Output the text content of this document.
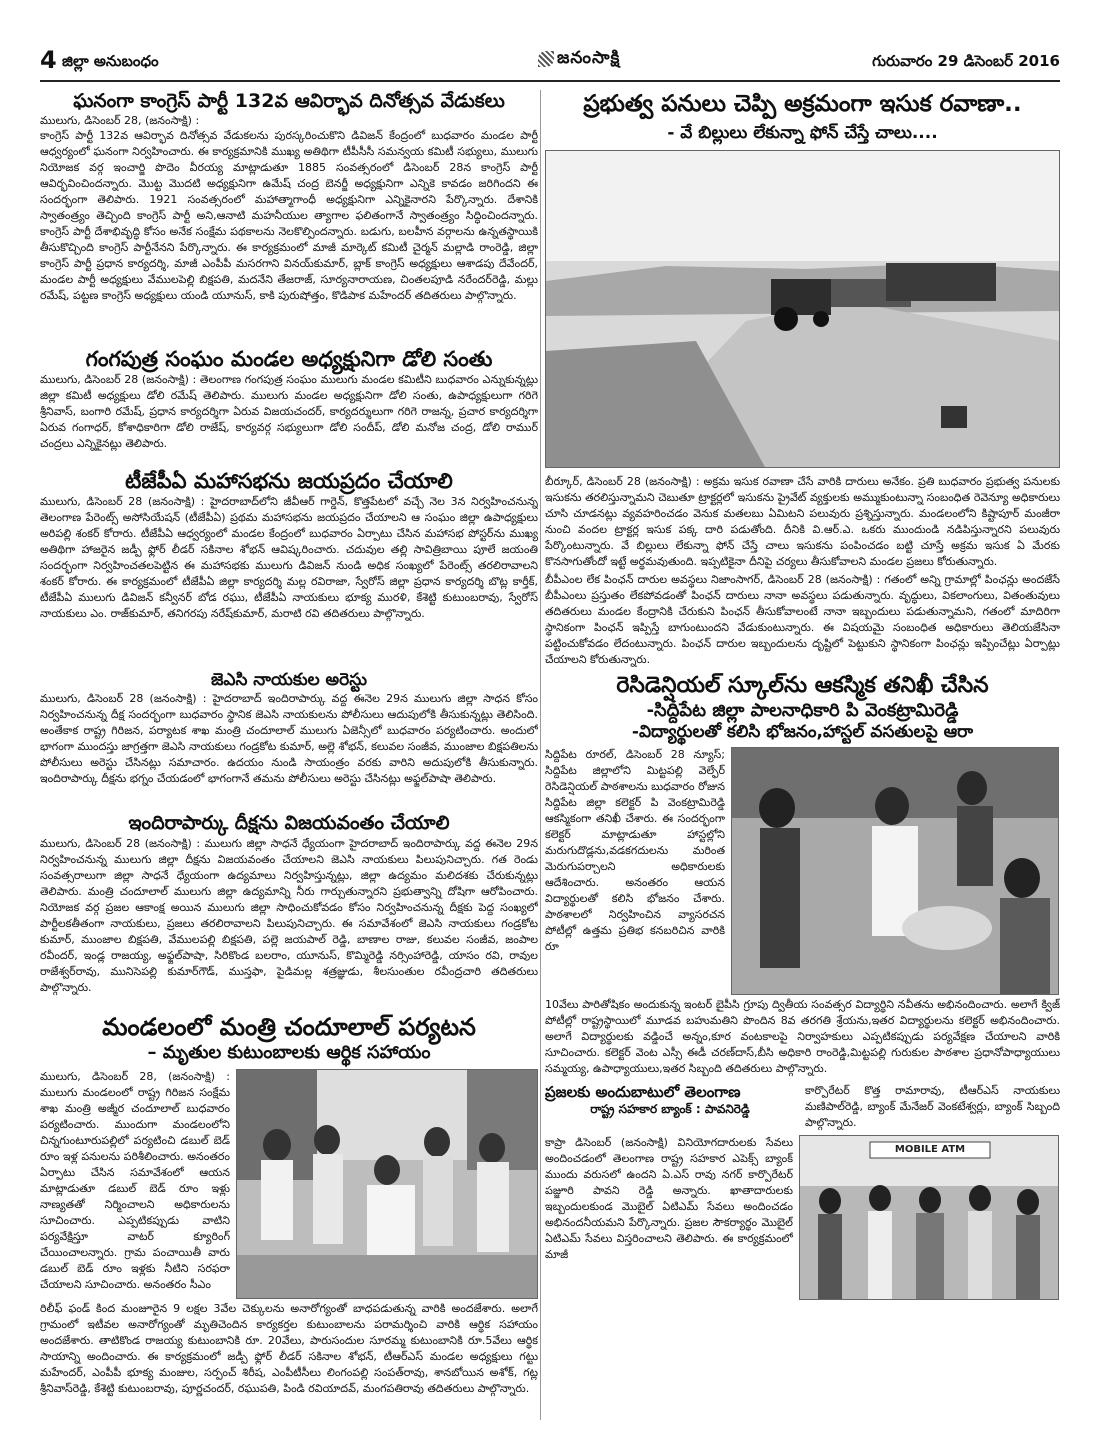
4 జిల్లా అనుబంధం	జనంసాక్షి	గురువారం 29 డిసెంబర్ 2016
ఘనంగా కాంగ్రెస్ పార్టీ 132వ ఆవిర్భావ దినోత్సవ వేడుకలు
ములుగు, డిసెంబర్ 28, (జనంసాక్షి) :
కాంగ్రెస్ పార్టీ 132వ ఆవిర్భావ దినోత్సవ వేడుకలను పురస్కరించుకొని డివిజన్ కేంద్రంలో బుధవారం మండల పార్టీ ఆధ్వర్యంలో ఘనంగా నిర్వహించారు. ఈ కార్యక్రమానికి ముఖ్య అతిథిగా టీపీసీసీ సమన్వయ కమిటీ సభ్యులు, ములుగు నియోజక వర్గ ఇంచార్జి పొదెం వీరయ్య మాట్లాడుతూ 1885 సంవత్సరంలో డిసెంబర్ 28న కాంగ్రెస్ పార్టీ ఆవిర్భవించిందన్నారు. మొట్ట మొదటి అధ్యక్షునిగా ఉమేష్ చంద్ర బెనర్జీ అధ్యక్షునిగా ఎన్నికె కావడం జరిగిందని ఈ సందర్భంగా తెలిపారు. 1921 సంవత్సరంలో మహాత్మాగాంధీ అధ్యక్షునిగా ఎన్నికైనారని పేర్కొన్నారు. దేశానికి స్వాతంత్ర్యం తెచ్చింది కాంగ్రెస్ పార్టీ అని,ఆనాటి మహనీయుల త్యాగాల ఫలితంగానే స్వాతంత్ర్యం సిద్ధించిందన్నారు. కాంగ్రెస్ పార్టీ దేశాభివృద్ధి కోసం అనేక సంక్షేమ పథకాలను నెలకొల్పిందన్నారు. బడుగు, బలహీన వర్గాలను ఉన్నతస్థాయికి తీసుకొచ్చింది కాంగ్రెస్ పార్టీనేనని పేర్కొన్నారు. ఈ కార్యక్రమంలో మాజీ మార్కెట్ కమిటీ చైర్మన్ మల్లాడి రాంరెడ్డి, జిల్లా కాంగ్రెస్ పార్టీ ప్రధాన కార్యదర్శి, మాజీ ఎంపీపీ మసరగాని వినయ్‌కుమార్, బ్లాక్ కాంగ్రెస్ అధ్యక్షులు ఆశాడపు దేవేందర్, మండల పార్టీ అధ్యక్షులు వేములపెల్లి బిక్షపతి, మదనేని తేజరాజ్, సూర్యనారాయణ, చింతలపూడి నరేందర్‌రెడ్డి, మల్లు రమేష్, పట్టణ కాంగ్రెస్ అధ్యక్షులు యండి యూనుస్, కాకి పురుషోత్తం, కొడిపాక మహేందర్ తదితరులు పాల్గొన్నారు.
గంగపుత్ర సంఘం మండల అధ్యక్షునిగా డోలి సంతు
ములుగు, డిసెంబర్ 28 (జనంసాక్షి) : తెలంగాణ గంగపుత్ర సంఘం ములుగు మండల కమిటీని బుధవారం ఎన్నుకున్నట్లు జిల్లా కమిటీ అధ్యక్షులు డోలి రమేష్ తెలిపారు. ములుగు మండల అధ్యక్షునిగా డోలి సంతు, ఉపాధ్యక్షులుగా గరిగె శ్రీనివాస్, బంగారి రమేష్, ప్రధాన కార్యదర్శిగా ఏరువ విజయచందర్, కార్యదర్శులుగా గరిగె రాజన్న, ప్రచార కార్యదర్శిగా ఏరువ గంగాధర్, కోశాధికారిగా డోలి రాజేష్, కార్యవర్గ సభ్యులుగా డోలి సందీప్, డోలి మనోజ చంద్ర, డోలి రాముర్ చంద్రలు ఎన్నికైనట్లు తెలిపారు.
టీజేపీఏ మహాసభను జయప్రదం చేయాలి
ములుగు, డిసెంబర్ 28 (జనంసాక్షి) : హైదరాబాద్‌లోని జీవీఆర్ గార్డెన్, కొత్తపేటలో వచ్చే నెల 3న నిర్వహించనున్న తెలంగాణ పేరెంట్స్ అసోసియేషన్ (టీజేపీఏ) ప్రథమ మహాసభను జయప్రదం చేయాలని ఆ సంఘం జిల్లా ఉపాధ్యక్షులు అరిపల్లి శంకర్ కోరారు. టీజేపీఏ ఆధ్వర్యంలో మండల కేంద్రంలో బుధవారం ఏర్పాటు చేసిన మహాసభ పోస్టర్‌ను ముఖ్య అతిథిగా హాజరైన జడ్పీ ఫ్లోర్ లీడర్ సకినాల శోభన్ ఆవిష్కరించారు. చదువుల తల్లి సావిత్రిబాయి పూలే జయంతి సందర్భంగా నిర్వహించతలపెట్టిన ఈ మహాసభకు ములుగు డివిజన్ నుండి అధిక సంఖ్యలో పేరెంట్స్ తరలిరావాలని శంకర్ కోరారు. ఈ కార్యక్రమంలో టీజేపీఏ జిల్లా కార్యదర్శి మల్ల రవిరాజా, స్వేరోస్ జిల్లా ప్రధాన కార్యదర్శి బొట్ల కార్తీక్, టీజేపీఏ ములుగు డివిజన్ కన్వీనర్ బోడ రఘు, టీజేపీఏ నాయకులు భూక్య మురళి, కేశెట్టి కుటుంబరావు, స్వేరోస్ నాయకులు ఎం. రాజ్‌కుమార్, తనిగరపు నరేష్‌కుమార్, మరాటి రవి తదితరులు పాల్గొన్నారు.
జెఎసి నాయకుల అరెస్టు
ములుగు, డిసెంబర్ 28 (జనంసాక్షి) : హైదరాబాద్ ఇందిరాపార్కు వద్ద ఈనెల 29న ములుగు జిల్లా సాధన కోసం నిర్వహించనున్న దీక్ష సందర్భంగా బుధవారం స్థానిక జెఎసి నాయకులను పోలీసులు ఆదుపులోకి తీసుకున్నట్లు తెలిసింది. అంతేకాక రాష్ట్ర గిరిజన, పర్యాటక శాఖ మంత్రి చందూలాల్ ములుగు ఏజెన్సీలో బుధవారం పర్యటించారు. అందులో భాగంగా ముందస్తు జాగ్రత్తగా జెఎసి నాయకులు గండ్రకోట కుమార్, అల్లె శోభన్, కలువల సంజీవ, ముంజాల బిక్షపతిలను పోలీసులు అరెస్టు చేసినట్లు సమాచారం. ఉదయం నుండి సాయంత్రం వరకు వారిని అదుపులోకి తీసుకున్నారు. ఇందిరాపార్కు దీక్షను భగ్నం చేయడంలో భాగంగానే తమను పోలీసులు అరెస్టు చేసినట్లు అఫ్జల్‌పాషా తెలిపారు.
ఇందిరాపార్కు దీక్షను విజయవంతం చేయాలి
ములుగు, డిసెంబర్ 28 (జనంసాక్షి) : ములుగు జిల్లా సాధనే ధ్యేయంగా హైదరాబాద్ ఇందిరాపార్కు వద్ద ఈనెల 29న నిర్వహించనున్న ములుగు జిల్లా దీక్షను విజయవంతం చేయాలని జెఎసి నాయకులు పిలుపునిచ్చారు. గత రెండు సంవత్సరాలుగా జిల్లా సాధనే ధ్యేయంగా ఉద్యమాలు నిర్వహిస్తున్నట్లు, జిల్లా ఉద్యమం మలిదశకు చేరుకున్నట్లు తెలిపారు. మంత్రి చందూలాల్ ములుగు జిల్లా ఉద్యమాన్ని నీరు గార్చుతున్నారని ప్రభుత్వాన్ని దోషిగా ఆరోపించారు. నియోజక వర్గ ప్రజల ఆకాంక్ష అయిన ములుగు జిల్లా సాధించుకోవడం కోసం నిర్వహించనున్న దీక్షకు పెద్ద సంఖ్యలో పార్టీలకతీతంగా నాయకులు, ప్రజలు తరలిరావాలని పిలుపునిచ్చారు. ఈ సమావేశంలో జెఎసి నాయకులు గండ్రకోట కుమార్, ముంజాల బిక్షపతి, వేములపల్లి బిక్షపతి, పల్లె జయపాల్ రెడ్డి, బాణాల రాజు, కలువల సంజీవ, జంపాల రవీందర్, ఇండ్ల రాజయ్య, అఫ్జల్‌పాషా, సిరికొండ బలరాం, యూనుస్, కొమ్మిరెడ్డి నర్సింహారెడ్డి, యాసం రవి, రావుల రాజేశ్వర్‌రావు, మునిసెపల్లి కుమార్‌గౌడ్, ముస్తఫా, పైడిమల్ల శత్రజ్ఞుడు, శీలసుంతుల రవీంద్రచారి తదితరులు పాల్గొన్నారు.
మండలంలో మంత్రి చందూలాల్ పర్యటన
– మృతుల కుటుంబాలకు ఆర్థిక సహాయం
ములుగు, డిసెంబర్ 28, (జనంసాక్షి) : ములుగు మండలంలో రాష్ట్ర గిరిజన సంక్షేమ శాఖ మంత్రి అజ్మీర చందూలాల్ బుధవారం పర్యటించారు. ముందుగా మండలంలోని చిన్నగుంటూరుపల్లిలో పర్యటించి డబుల్ బెడ్ రూం ఇళ్ల పనులను పరిశీలించారు. అనంతరం ఏర్పాటు చేసిన సమావేశంలో ఆయన మాట్లాడుతూ డబుల్ బెడ్ రూం ఇళ్లు నాణ్యతతో నిర్మించాలని అధికారులను సూచించారు. ఎప్పటికప్పుడు వాటిని పర్యవేక్షిస్తూ వాటర్ క్యూరింగ్ చేయించాలన్నారు. గ్రామ పంచాయితీ వారు డబుల్ బెడ్ రూం ఇళ్లకు నీటిని సరఫరా చేయాలని సూచించారు. అనంతరం సీఎం
రిలీఫ్ ఫండ్ కింద మంజూరైన 9 లక్షల 3వేల చెక్కులను అనారోగ్యంతో బాధపడుతున్న వారికి అందజేశారు. అలాగే గ్రామంలో ఇటీవల అనారోగ్యంతో మృతిచెందిన కార్యకర్తల కుటుంబాలను పరామర్శించి వారికి ఆర్థిక సహాయం అందజేశారు. తాటికొండ రాజయ్య కుటుంబానికి రూ. 20వేలు, పారుసందుల సూరమ్మ కుటుంబానికి రూ.5వేలు ఆర్థిక సాయాన్ని అందించారు. ఈ కార్యక్రమంలో జడ్పీ ఫ్లోర్ లీడర్ సకినాల శోభన్, టీఆర్ఎస్ మండల అధ్యక్షులు గట్టు మహేందర్, ఎంపీపీ భూక్య మంజుల, సర్పంచ్ శిరీష, ఎంపీటీసీలు లింగంపల్లి సంపత్‌రావు, శానబోయిన అశోక్, గట్ల శ్రీనివాస్‌రెడ్డి, కేశెట్టి కుటుంబరావు, పూర్ణచందర్, రఘుపతి, పిండి రవియాదవ్, మంగపతిరావు తదితరులు పాల్గొన్నారు.
ప్రభుత్వ పనులు చెప్పి అక్రమంగా ఇసుక రవాణా..
- వే బిల్లులు లేకున్నా ఫోన్ చేస్తే చాలు....
బీర్కూర్, డిసెంబర్ 28 (జనంసాక్షి) : అక్రమ ఇసుక రవాణా చేసే వారికి దారులు అనేకం. ప్రతి బుధవారం ప్రభుత్వ పనులకు ఇసుకను తరలిస్తున్నామని చెబుతూ ట్రాక్టర్లలో ఇసుకను ప్రైవేట్ వ్యక్తులకు అమ్ముకుంటున్నా సంబంధిత రెవెన్యూ అధికారులు చూసి చూడనట్లు వ్యవహరించడం వెనుక మతలబు ఏమిటని పలువురు ప్రశ్నిస్తున్నారు. మండలంలోని కిష్టాపూర్ మంజీరా నుంచి వందల ట్రాక్టర్ల ఇసుక పక్క దారి పడుతోంది. దీనికి వి.ఆర్.ఎ. ఒకరు ముందుండి నడిపిస్తున్నారని పలువురు పేర్కొంటున్నారు. వే బిల్లులు లేకున్నా ఫోన్ చేస్తే చాలు ఇసుకను పంపించడం బట్టి చూస్తే అక్రమ ఇసుక ఏ మేరకు కొనసాగుతోందో ఇట్టే అర్థమవుతుంది. ఇప్పటికైనా దీనిపై చర్యలు తీసుకోవాలని మండల ప్రజలు కోరుతున్నారు.
బీపీఎంల లేక పింఛన్ దారుల అవస్థలు నిజాంసాగర్, డిసెంబర్ 28 (జనంసాక్షి) : గతంలో అన్ని గ్రామాల్లో పింఛన్లు అందజేసే బీపీఎంలు ప్రస్తుతం లేకపోవడంతో పింఛన్ దారులు నానా అవస్థలు పడుతున్నారు. వృద్ధులు, వికలాంగులు, వితంతువులు తదితరులు మండల కేంద్రానికి చేరుకుని పింఛన్ తీసుకోవాలంటే నానా ఇబ్బందులు పడుతున్నామని, గతంలో మాదిరిగా స్థానికంగా పింఛన్ ఇప్పిస్తే బాగుంటుందని వేడుకుంటున్నారు. ఈ విషయమై సంబంధిత అధికారులు తెలియజేసినా పట్టించుకోవడం లేదంటున్నారు. పింఛన్ దారుల ఇబ్బందులను దృష్టిలో పెట్టుకుని స్థానికంగా పింఛన్లు ఇప్పించేట్లు ఏర్పాట్లు చేయాలని కోరుతున్నారు.
రెసిడెన్షియల్ స్కూల్‌ను ఆకస్మిక తనిఖీ చేసిన
-సిద్దిపేట జిల్లా పాలనాధికారి పి వెంకట్రామిరెడ్డి
-విద్యార్థులతో కలిసి భోజనం,హాస్టల్ వసతులపై ఆరా
సిద్దిపేట రూరల్, డిసెంబర్ 28 న్యూస్; సిద్దిపేట జిల్లాలోని మిట్టపల్లి వెల్ఫేర్ రెసిడెన్షియల్ పాఠశాలను బుధవారం రోజున సిద్దిపేట జిల్లా కలెక్టర్ పి వెంకట్రామిరెడ్డి ఆకస్మికంగా తనిఖీ చేశారు. ఈ సందర్భంగా కలెక్టర్ మాట్లాడుతూ హాస్టల్లోని మరుగుదొడ్లను,వడకగదులను మరింత మెరుగుపర్చాలని అధికారులకు ఆదేశించారు. అనంతరం ఆయన విద్యార్థులతో కలిసి భోజనం చేశారు. పాఠశాలలో నిర్వహించిన వ్యాసరచన పోటీల్లో ఉత్తమ ప్రతిభ కనబరిచిన వారికి రూ
10వేలు పారితోషికం అందుకున్న ఇంటర్ బైపీసి గ్రూపు ద్వితీయ సంవత్సర విద్యార్థిని నవీతను అభినందించారు. అలాగే క్విజ్ పోటీల్లో రాష్ట్రస్థాయిలో మూడవ బహుమతిని పొందిన 8వ తరగతి శ్రేయను,ఇతర విద్యార్థులను కలెక్టర్ అభినందించారు. అలాగే విద్యార్థులకు వడ్డించే అన్నం,కూర వంటకాలపై నిర్వాహకులు ఎప్పటికప్పుడు పర్యవేక్షణ చేయాలని వారికి సూచించారు. కలెక్టర్ వెంట ఎస్సీ ఈడీ చరణ్‌దాస్,బీసి అధికారి రాంరెడ్డి,మిట్టపల్లి గురుకుల పాఠశాల ప్రధానోపాధ్యాయులు సమ్మయ్య, ఉపాధ్యాయులు,ఇతర సిబ్బంది తదితరులు పాల్గొన్నారు.
ప్రజలకు అందుబాటులో తెలంగాణ
రాష్ట్ర సహకార బ్యాంక్ : పావనిరెడ్డి
కార్పొరేటర్ కొత్త రామారావు, టీఆర్ఎస్ నాయకులు మణిపాల్‌రెడ్డి, బ్యాంక్ మేనేజర్ వెంకటేశ్వర్లు, బ్యాంక్ సిబ్బంది పాల్గొన్నారు.
కాప్రా డిసెంబర్ (జనంసాక్షి) వినియోగదారులకు సేవలు అందించడంలో తెలంగాణ రాష్ట్ర సహకార ఎపెక్స్ బ్యాంక్ ముందు వరుసలో ఉందని ఏ.ఎస్ రావు నగర్ కార్పొరేటర్ పజ్జూరి పావని రెడ్డి అన్నారు. ఖాతాదారులకు ఇబ్బందులకుండ మొబైల్ ఏటిఎమ్ సేవలు అందించడం అభినందనీయమని పేర్కొన్నారు. ప్రజల సౌకర్యార్థం మొబైల్ ఏటిఎమ్ సేవలు విస్తరించాలని తెలిపారు. ఈ కార్యక్రమంలో మాజీ
MOBILE ATM
